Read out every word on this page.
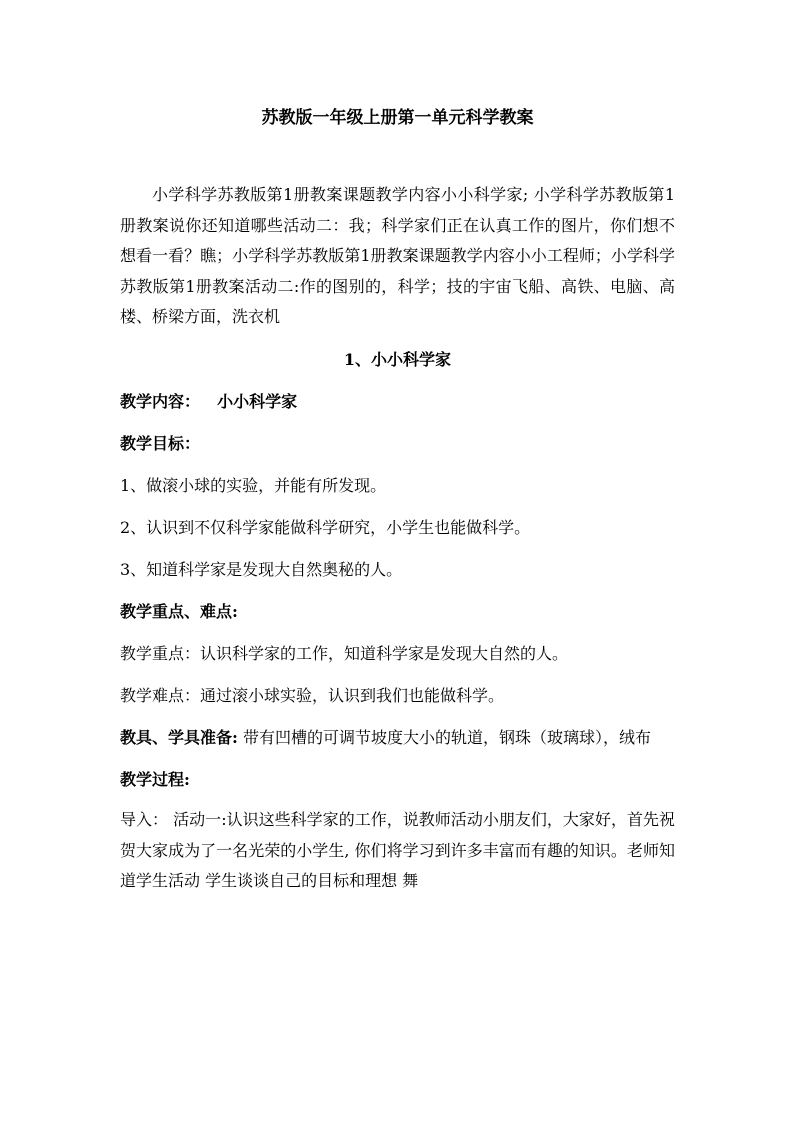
苏教版一年级上册第一单元科学教案

小学科学苏教版第1册教案课题教学内容小小科学家; 小学科学苏教版第1册教案说你还知道哪些活动二：我；科学家们正在认真工作的图片，你们想不想看一看？瞧；小学科学苏教版第1册教案课题教学内容小小工程师；小学科学苏教版第1册教案活动二:作的图别的，科学；技的宇宙飞船、高铁、电脑、高楼、桥梁方面，洗衣机

1、小小科学家

教学内容： 小小科学家

教学目标：

1、做滚小球的实验，并能有所发现。

2、认识到不仅科学家能做科学研究，小学生也能做科学。

3、知道科学家是发现大自然奥秘的人。

教学重点、难点:

教学重点：认识科学家的工作，知道科学家是发现大自然的人。

教学难点：通过滚小球实验，认识到我们也能做科学。

教具、学具准备: 带有凹槽的可调节坡度大小的轨道，钢珠（玻璃球），绒布

教学过程:

导入： 活动一:认识这些科学家的工作，说教师活动小朋友们，大家好，首先祝贺大家成为了一名光荣的小学生, 你们将学习到许多丰富而有趣的知识。老师知道学生活动 学生谈谈自己的目标和理想 舞
